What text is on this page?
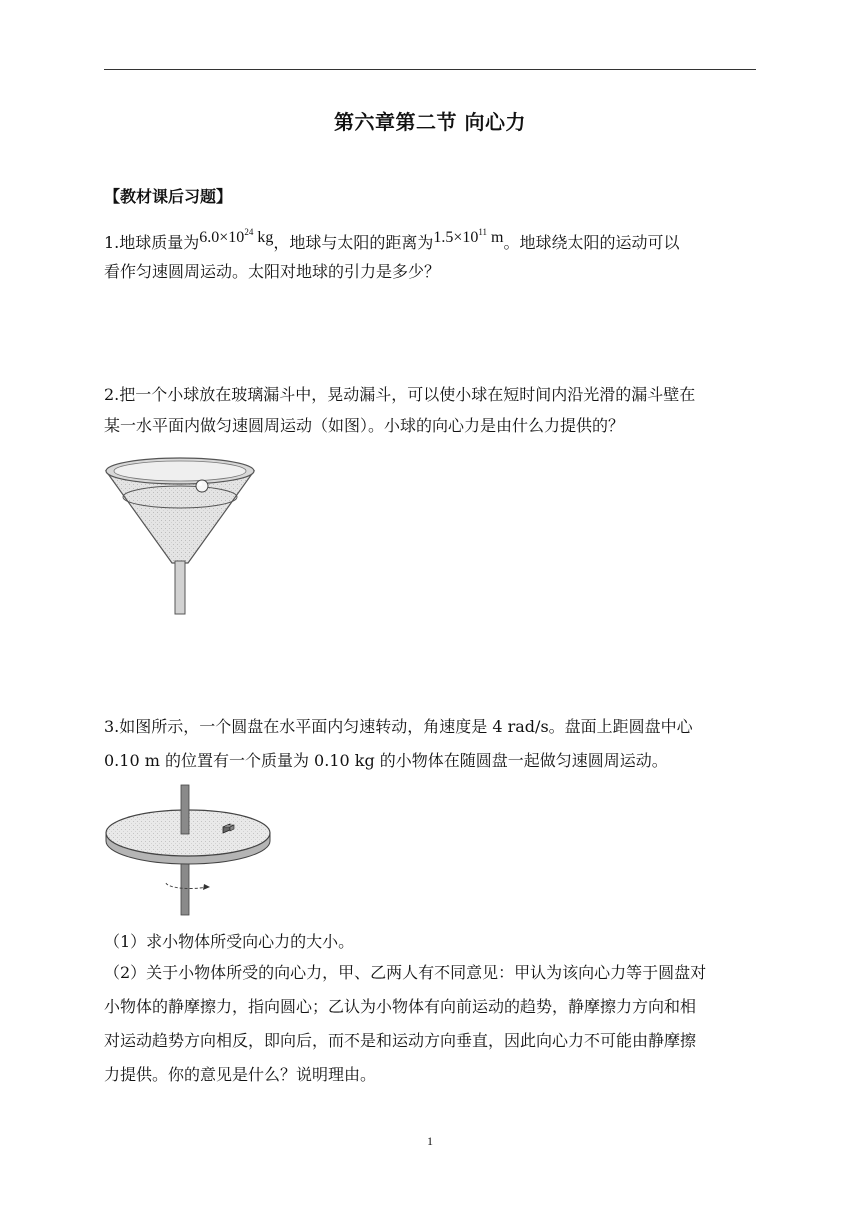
第六章第二节 向心力
【教材课后习题】
1.地球质量为$6.0\times 10^{24}$ kg，地球与太阳的距离为$1.5\times 10^{11}$ m。地球绕太阳的运动可以
看作匀速圆周运动。太阳对地球的引力是多少？
2.把一个小球放在玻璃漏斗中，晃动漏斗，可以使小球在短时间内沿光滑的漏斗壁在
某一水平面内做匀速圆周运动（如图）。小球的向心力是由什么力提供的？
3.如图所示，一个圆盘在水平面内匀速转动，角速度是 4 rad/s。盘面上距圆盘中心
0.10 m 的位置有一个质量为 0.10 kg 的小物体在随圆盘一起做匀速圆周运动。
（1）求小物体所受向心力的大小。
（2）关于小物体所受的向心力，甲、乙两人有不同意见：甲认为该向心力等于圆盘对
小物体的静摩擦力，指向圆心；乙认为小物体有向前运动的趋势，静摩擦力方向和相
对运动趋势方向相反，即向后，而不是和运动方向垂直，因此向心力不可能由静摩擦
力提供。你的意见是什么？说明理由。
1
